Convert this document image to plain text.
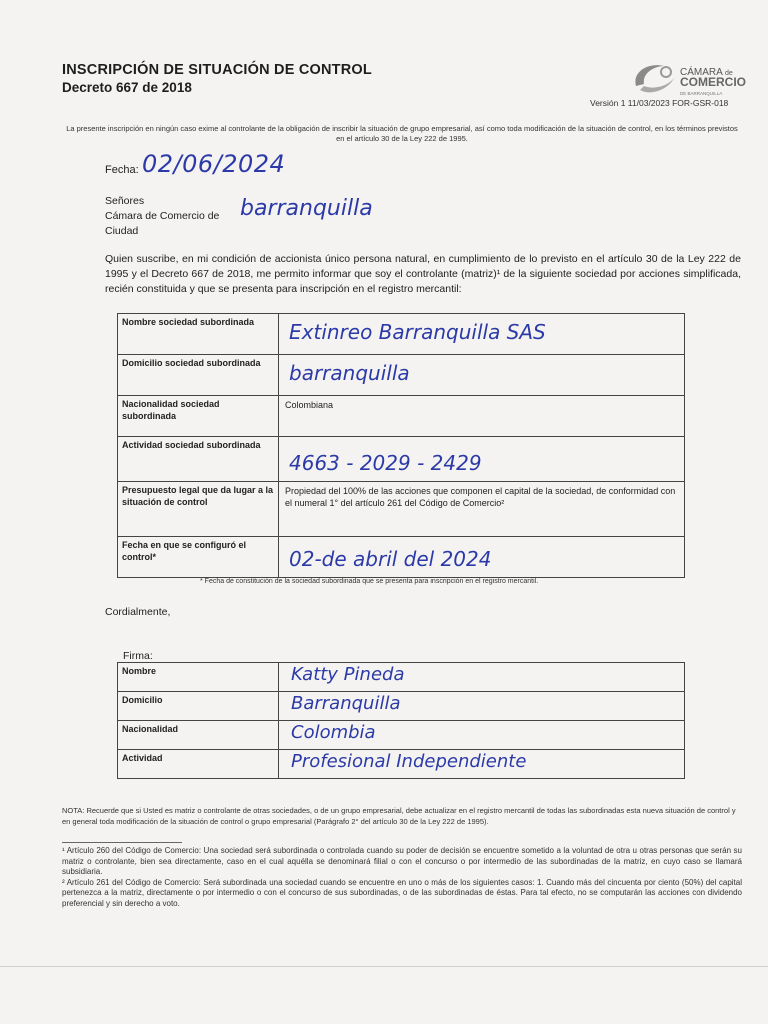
INSCRIPCIÓN DE SITUACIÓN DE CONTROL
Decreto 667 de 2018
CÁMARA de
COMERCIO
DE BARRANQUILLA
Versión 1 11/03/2023 FOR-GSR-018
La presente inscripción en ningún caso exime al controlante de la obligación de inscribir la situación de grupo empresarial, así como toda modificación de la situación de control, en los términos previstos en el artículo 30 de la Ley 222 de 1995.
Fecha: 02/06/2024
Señores
Cámara de Comercio de
Ciudad
barranquilla
Quien suscribe, en mi condición de accionista único persona natural, en cumplimiento de lo previsto en el artículo 30 de la Ley 222 de 1995 y el Decreto 667 de 2018, me permito informar que soy el controlante (matriz)¹ de la siguiente sociedad por acciones simplificada, recién constituida y que se presenta para inscripción en el registro mercantil:
Nombre sociedad subordinada	Extinreo Barranquilla SAS
Domicilio sociedad subordinada	barranquilla
Nacionalidad sociedad subordinada	Colombiana
Actividad sociedad subordinada	4663 - 2029 - 2429
Presupuesto legal que da lugar a la situación de control	Propiedad del 100% de las acciones que componen el capital de la sociedad, de conformidad con el numeral 1° del artículo 261 del Código de Comercio²
Fecha en que se configuró el control*	02-de abril del 2024
* Fecha de constitución de la sociedad subordinada que se presenta para inscripción en el registro mercantil.
Cordialmente,
Firma:
Nombre	Katty Pineda
Domicilio	Barranquilla
Nacionalidad	Colombia
Actividad	Profesional Independiente
NOTA: Recuerde que si Usted es matriz o controlante de otras sociedades, o de un grupo empresarial, debe actualizar en el registro mercantil de todas las subordinadas esta nueva situación de control y en general toda modificación de la situación de control o grupo empresarial (Parágrafo 2° del artículo 30 de la Ley 222 de 1995).
¹ Artículo 260 del Código de Comercio: Una sociedad será subordinada o controlada cuando su poder de decisión se encuentre sometido a la voluntad de otra u otras personas que serán su matriz o controlante, bien sea directamente, caso en el cual aquélla se denominará filial o con el concurso o por intermedio de las subordinadas de la matriz, en cuyo caso se llamará subsidiaria.
² Artículo 261 del Código de Comercio: Será subordinada una sociedad cuando se encuentre en uno o más de los siguientes casos: 1. Cuando más del cincuenta por ciento (50%) del capital pertenezca a la matriz, directamente o por intermedio o con el concurso de sus subordinadas, o de las subordinadas de éstas. Para tal efecto, no se computarán las acciones con dividendo preferencial y sin derecho a voto.
